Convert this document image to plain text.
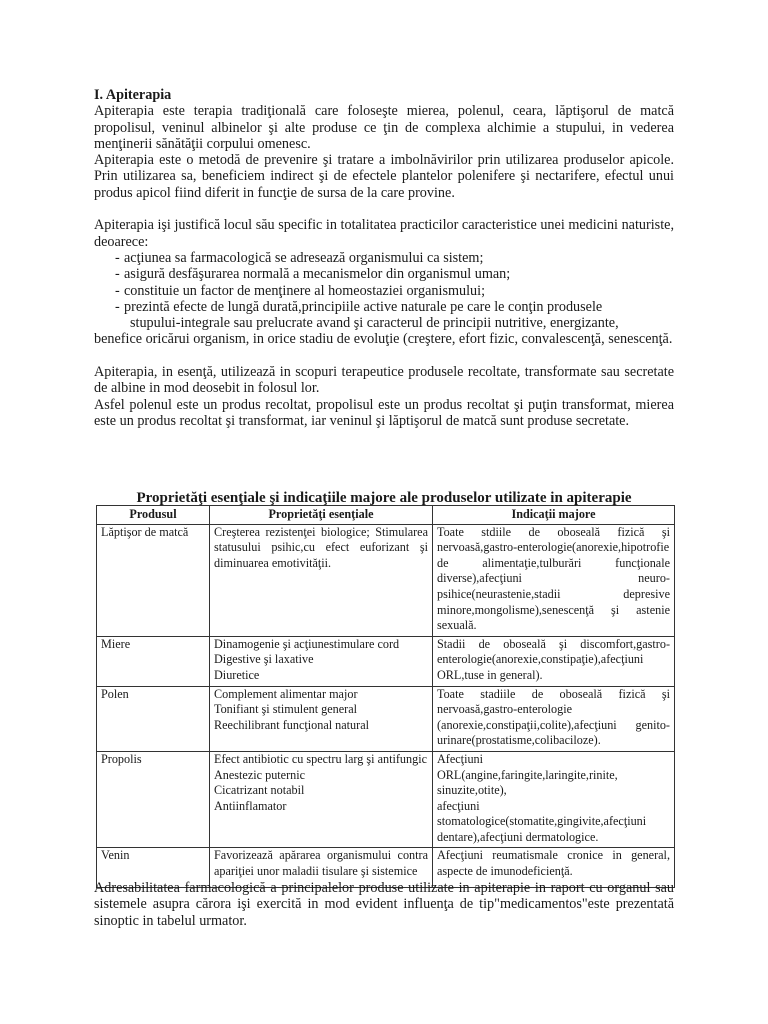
I. Apiterapia

Apiterapia este terapia tradiţională care foloseşte mierea, polenul, ceara, lăptişorul de matcă propolisul, veninul albinelor şi alte produse ce ţin de complexa alchimie a stupului, in vederea menţinerii sănătăţii corpului omenesc.

Apiterapia este o metodă de prevenire şi tratare a imbolnăvirilor prin utilizarea produselor apicole. Prin utilizarea sa, beneficiem indirect şi de efectele plantelor polenifere şi nectarifere, efectul unui produs apicol fiind diferit in funcţie de sursa de la care provine.

Apiterapia işi justifică locul său specific in totalitatea practicilor caracteristice unei medicini naturiste, deoarece:

- acţiunea sa farmacologică se adresează organismului ca sistem;
- asigură desfăşurarea normală a mecanismelor din organismul uman;
- constituie un factor de menţinere al homeostaziei organismului;
- prezintă efecte de lungă durată,principiile active naturale pe care le conţin produsele
stupului-integrale sau prelucrate avand şi caracterul de principii nutritive, energizante,
benefice oricărui organism, in orice stadiu de evoluţie (creştere, efort fizic, convalescenţă, senescenţă.

Apiterapia, in esenţă, utilizează in scopuri terapeutice produsele recoltate, transformate sau secretate de albine in mod deosebit in folosul lor.

Asfel polenul este un produs recoltat, propolisul este un produs recoltat şi puţin transformat, mierea este un produs recoltat şi transformat, iar veninul şi lăptişorul de matcă sunt produse secretate.

Proprietăţi esenţiale şi indicaţiile majore ale produselor utilizate in apiterapie

Produsul	Proprietăţi esenţiale	Indicaţii majore
Lăptişor de matcă	Creşterea rezistenţei biologice; Stimularea statusului psihic,cu efect euforizant şi diminuarea emotivităţii.	Toate stdiile de oboseală fizică şi nervoasă,gastro-enterologie(anorexie,hipotrofie de alimentaţie,tulburări funcţionale diverse),afecţiuni neuro-psihice(neurastenie,stadii depresive minore,mongolisme),senescenţă şi astenie sexuală.
Miere	Dinamogenie şi acţiunestimulare cord
Digestive şi laxative
Diuretice	Stadii de oboseală şi discomfort,gastro-enterologie(anorexie,constipaţie),afecţiuni ORL,tuse in general).
Polen	Complement alimentar major
Tonifiant şi stimulent general
Reechilibrant funcţional natural	Toate stadiile de oboseală fizică şi nervoasă,gastro-enterologie (anorexie,constipaţii,colite),afecţiuni genito-urinare(prostatisme,colibaciloze).
Propolis	Efect antibiotic cu spectru larg şi antifungic
Anestezic puternic
Cicatrizant notabil
Antiinflamator	Afecţiuni
ORL(angine,faringite,laringite,rinite, sinuzite,otite),
afecţiuni
stomatologice(stomatite,gingivite,afecţiuni dentare),afecţiuni dermatologice.

Venin	Favorizează apărarea organismului contra apariţiei unor maladii tisulare şi sistemice	Afecţiuni reumatismale cronice in general, aspecte de imunodeficienţă.

Adresabilitatea farmacologică a principalelor produse utilizate in apiterapie in raport cu organul sau sistemele asupra cărora işi exercită in mod evident influenţa de tip"medicamentos"este prezentată sinoptic in tabelul urmator.
